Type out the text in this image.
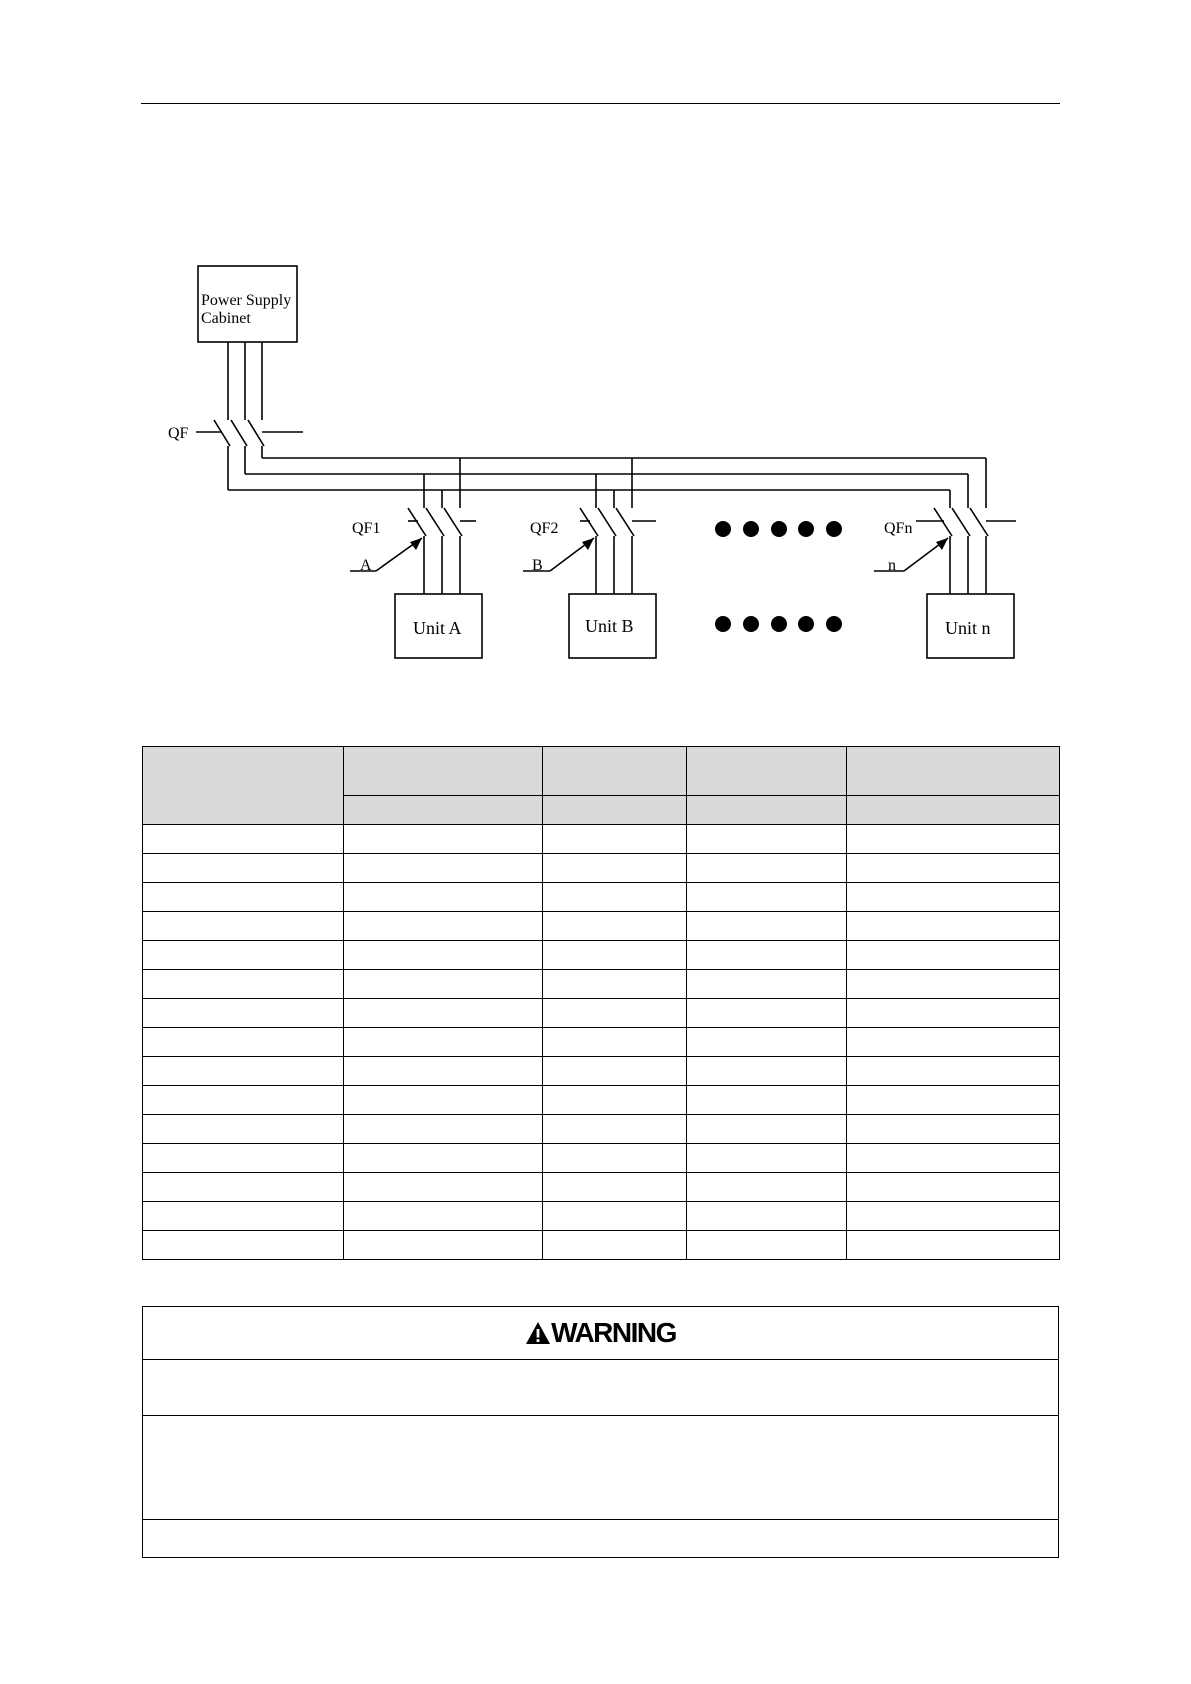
Power Supply
Cabinet
QF
QF1	QF2	QFn
A	B	n
Unit A	Unit B	Unit n

WARNING
